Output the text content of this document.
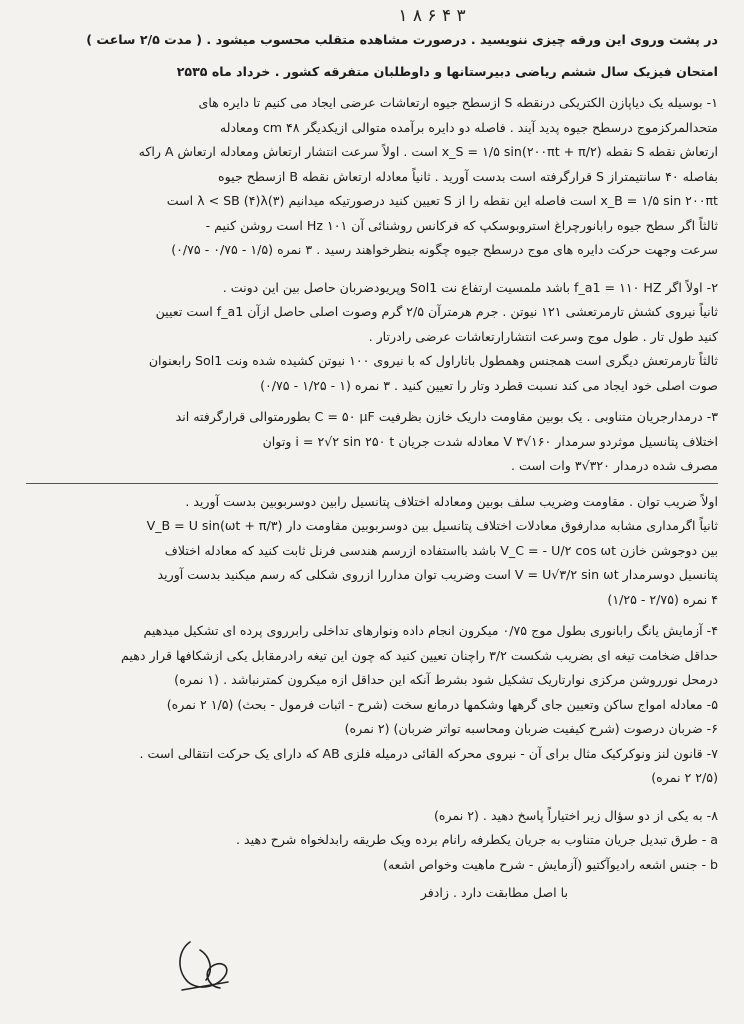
۱ ۸ ۶ ۴ ۳
در پشت وروی این ورقه چیزی ننویسید . درصورت مشاهده متقلب محسوب میشود . ( مدت ۲/۵ ساعت )
امتحان فیزیک سال ششم ریاضی دبیرستانها و داوطلبان متفرقه کشور . خرداد ماه ۲۵۳۵
۱- بوسیله یک دیاپازن الکتریکی درنقطه S ازسطح جیوه ارتعاشات عرضی ایجاد می کنیم تا دایره های
متحدالمرکزموج درسطح جیوه پدید آیند . فاصله دو دایره برآمده متوالی ازیکدیگر ۴۸ cm ومعادله
ارتعاش نقطه S نقطه x_S = ۱/۵ sin(۲۰۰πt + π/۲) است . اولاً سرعت انتشار ارتعاش ومعادله ارتعاش A راکه
بفاصله ۴۰ سانتیمتراز S قرارگرفته است بدست آورید . ثانیاً معادله ارتعاش نقطه B ازسطح جیوه
x_B = ۱/۵ sin ۲۰۰πt است فاصله این نقطه را از S تعیین کنید درصورتیکه میدانیم (۳)λ < SB (۴)λ است
ثالثاً اگر سطح جیوه رابانورچراغ استروبوسکپ که فرکانس روشنائی آن ۱۰۱ Hz است روشن کنیم -
سرعت وجهت حرکت دایره های موج درسطح جیوه چگونه بنظرخواهند رسید . ۳ نمره (۱/۵ - ۰/۷۵ - ۰/۷۵)
۲- اولاً اگر f_a1 = ۱۱۰ HZ باشد ملمسیت ارتفاع نت Sol1 وپریودضربان حاصل بین این دونت .
ثانیاً نیروی کشش تارمرتعشی ۱۲۱ نیوتن . جرم هرمترآن ۲/۵ گرم وصوت اصلی حاصل ازآن f_a1 است تعیین
کنید طول تار . طول موج وسرعت انتشارارتعاشات عرضی رادرتار .
ثالثاً تارمرتعش دیگری است همجنس وهمطول باتاراول که با نیروی ۱۰۰ نیوتن کشیده شده ونت Sol1 رابعنوان
صوت اصلی خود ایجاد می کند نسبت قطرد وتار را تعیین کنید . ۳ نمره (۱ - ۱/۲۵ - ۰/۷۵)
۳- درمدارجریان متناوبی . یک بوبین مقاومت داریک خازن بظرفیت C = ۵۰ μF بطورمتوالی قرارگرفته اند
اختلاف پتانسیل موثردو سرمدار ۱۶۰√۳ V معادله شدت جریان i = ۲√۲ sin ۲۵۰ t وتوان
مصرف شده درمدار ۳۲۰√۳ وات است .
اولاً ضریب توان . مقاومت وضریب سلف بوبین ومعادله اختلاف پتانسیل رابین دوسربوبین بدست آورید .
ثانیاً اگرمداری مشابه مدارفوق معادلات اختلاف پتانسیل بین دوسربوبین مقاومت دار V_B = U sin(ωt + π/۳)
بین دوجوشن خازن V_C = - U/۲ cos ωt باشد بااستفاده ازرسم هندسی فرنل ثابت کنید که معادله اختلاف
پتانسیل دوسرمدار V = U√۳/۲ sin ωt است وضریب توان مداررا ازروی شکلی که رسم میکنید بدست آورید
۴ نمره (۲/۷۵ - ۱/۲۵)
۴- آزمایش یانگ رابانوری بطول موج ۰/۷۵ میکرون انجام داده ونوارهای تداخلی رابرروی پرده ای تشکیل میدهیم
حداقل ضخامت تیغه ای بضریب شکست ۳/۲ راچنان تعیین کنید که چون این تیغه رادرمقابل یکی ازشکافها قرار دهیم
درمحل نورروشن مرکزی نوارتاریک تشکیل شود بشرط آنکه این حداقل ازه میکرون کمترنباشد . (۱ نمره)
۵- معادله امواج ساکن وتعیین جای گرهها وشکمها درمانع سخت (شرح - اثبات فرمول - بحث) (۱/۵ ۲ نمره)
۶- ضربان درصوت (شرح کیفیت ضربان ومحاسبه تواتر ضربان) (۲ نمره)
۷- قانون لنز ونوکرکیک مثال برای آن - نیروی محرکه القائی درمیله فلزی AB که دارای یک حرکت انتقالی است .
(۲/۵ ۲ نمره)
۸- به یکی از دو سؤال زیر اختیاراً پاسخ دهید . (۲ نمره)
a - طرق تبدیل جریان متناوب به جریان یکطرفه رانام برده ویک طریقه رابدلخواه شرح دهید .
b - جنس اشعه رادیوآکتیو (آزمایش - شرح ماهیت وخواص اشعه)
با اصل مطابقت دارد . زادفر
